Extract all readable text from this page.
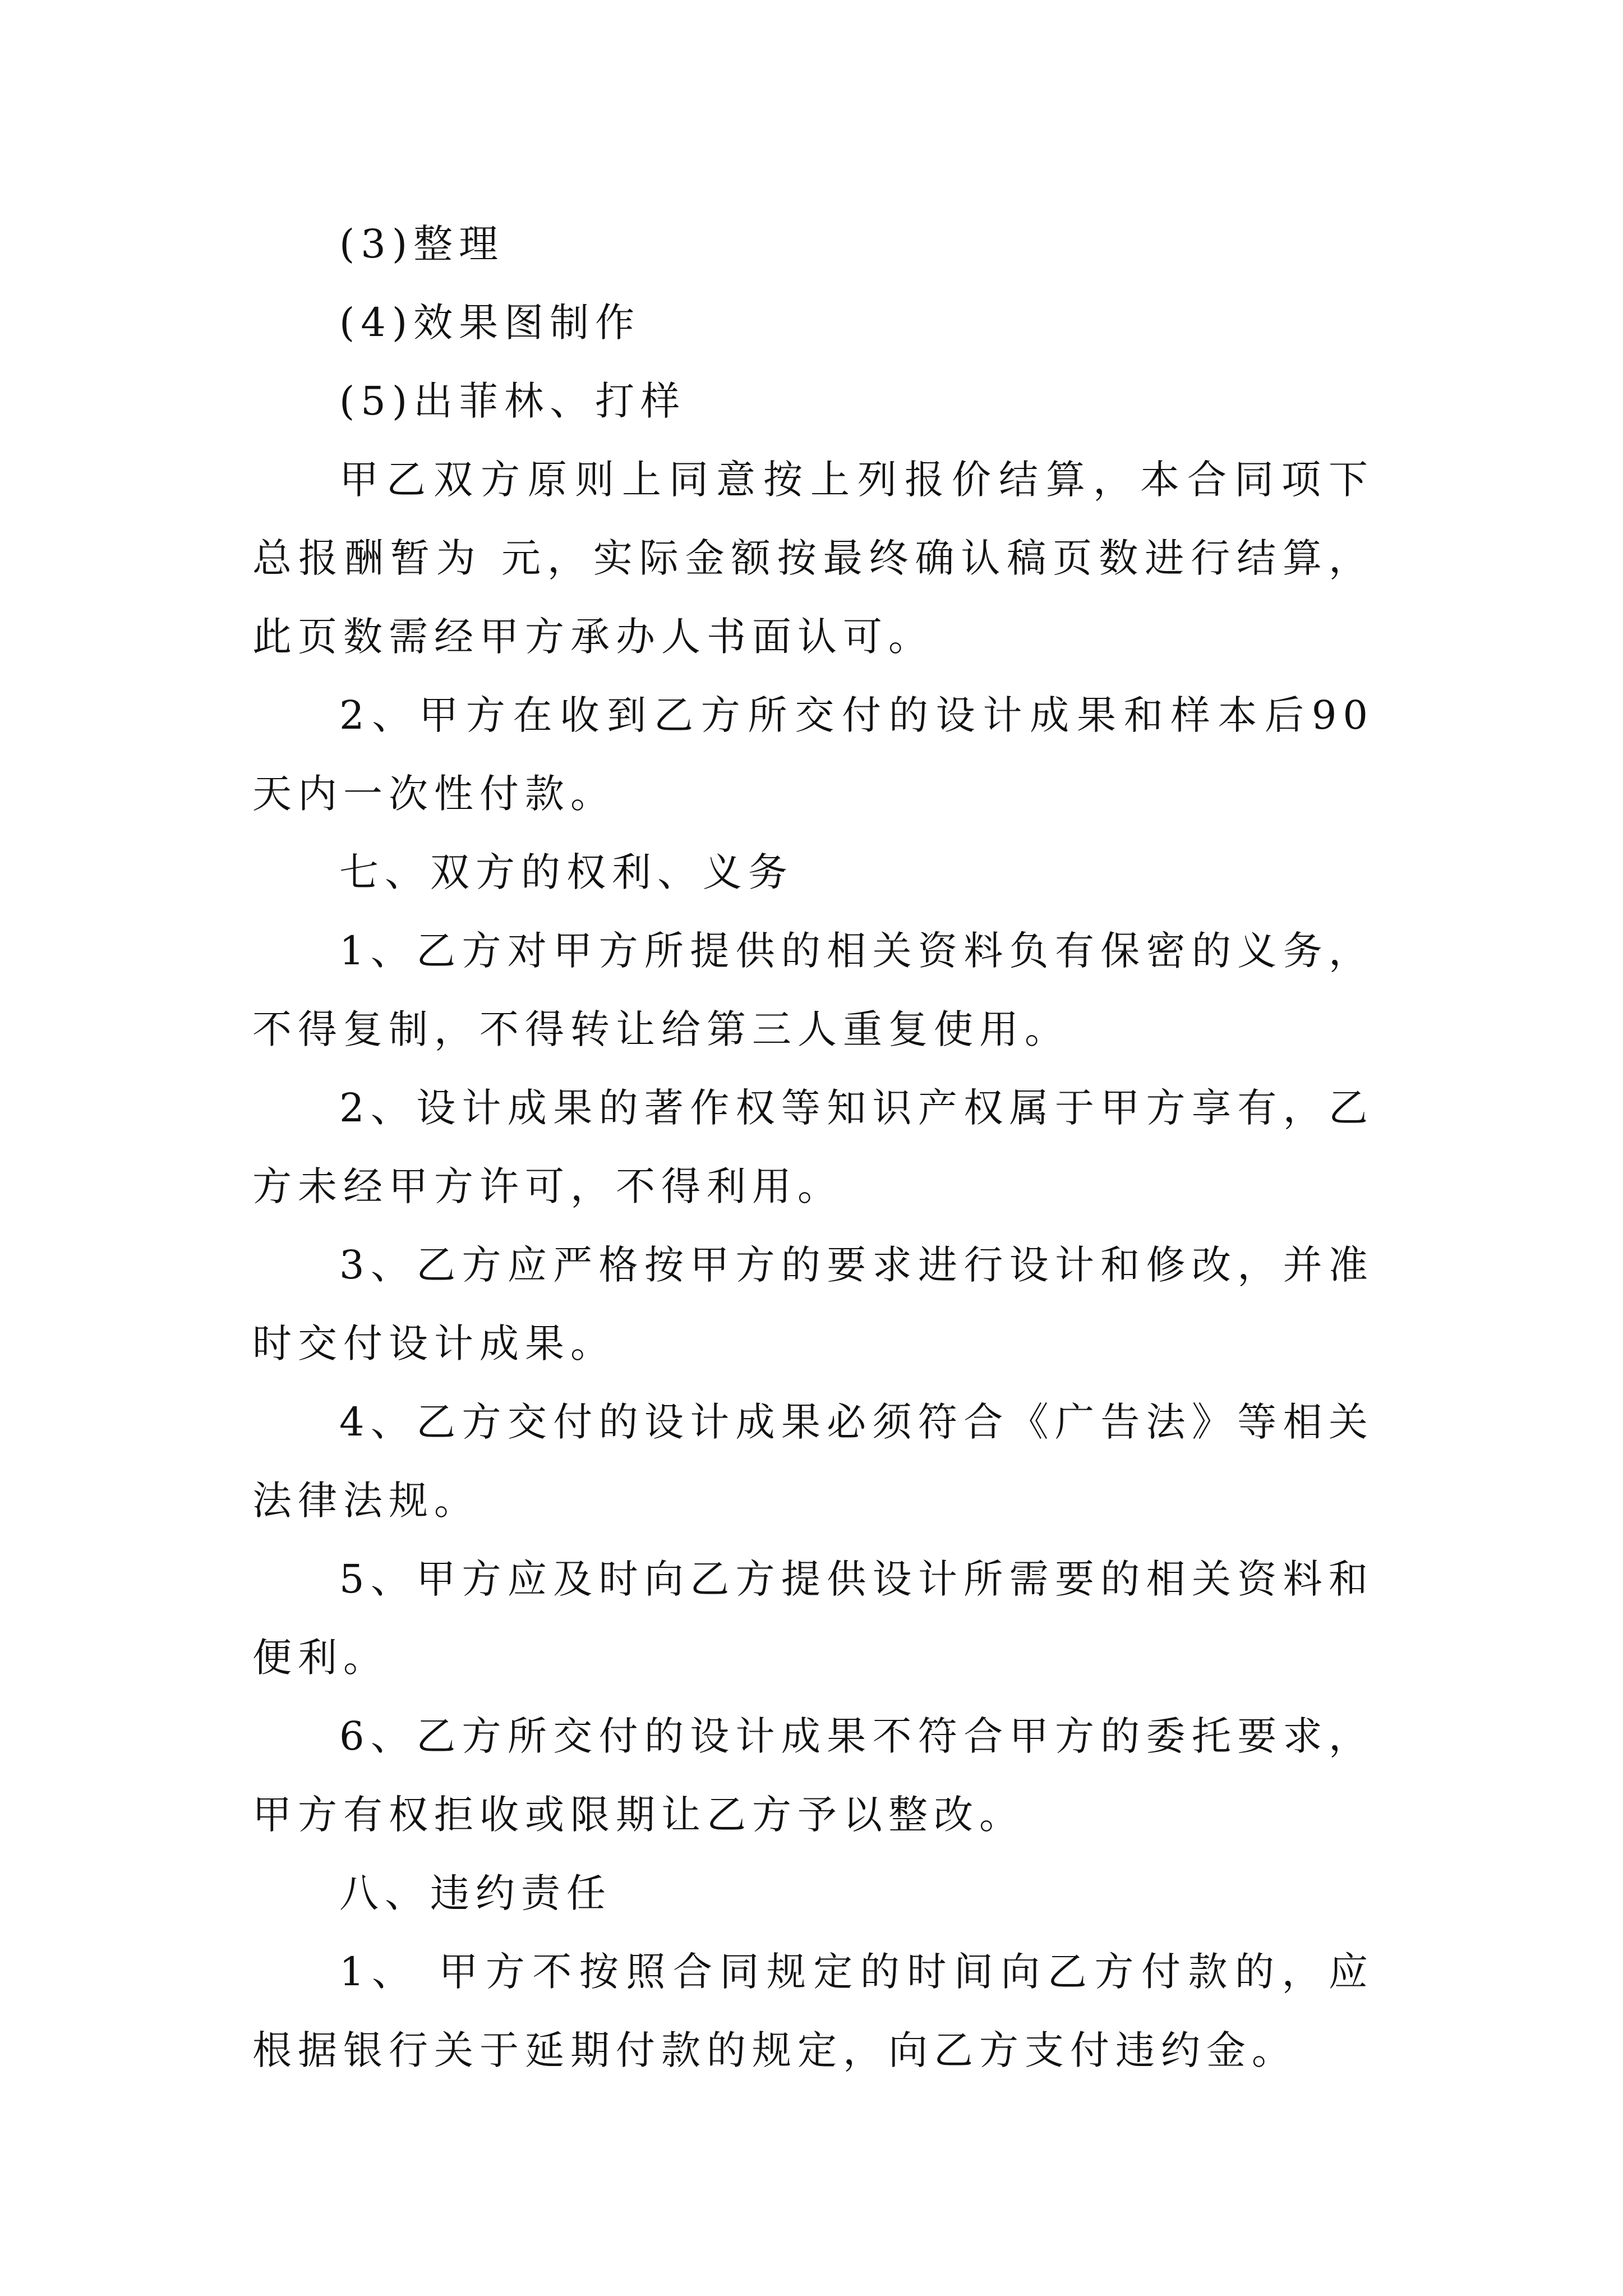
(3)整理

(4)效果图制作

(5)出菲林、打样

甲乙双方原则上同意按上列报价结算，本合同项下总报酬暂为 元，实际金额按最终确认稿页数进行结算，此页数需经甲方承办人书面认可。

2、甲方在收到乙方所交付的设计成果和样本后90天内一次性付款。

七、双方的权利、义务

1、乙方对甲方所提供的相关资料负有保密的义务，不得复制，不得转让给第三人重复使用。

2、设计成果的著作权等知识产权属于甲方享有，乙方未经甲方许可，不得利用。

3、乙方应严格按甲方的要求进行设计和修改，并准时交付设计成果。

4、乙方交付的设计成果必须符合《广告法》等相关法律法规。

5、甲方应及时向乙方提供设计所需要的相关资料和便利。

6、乙方所交付的设计成果不符合甲方的委托要求，甲方有权拒收或限期让乙方予以整改。

八、违约责任

1、 甲方不按照合同规定的时间向乙方付款的，应根据银行关于延期付款的规定，向乙方支付违约金。
